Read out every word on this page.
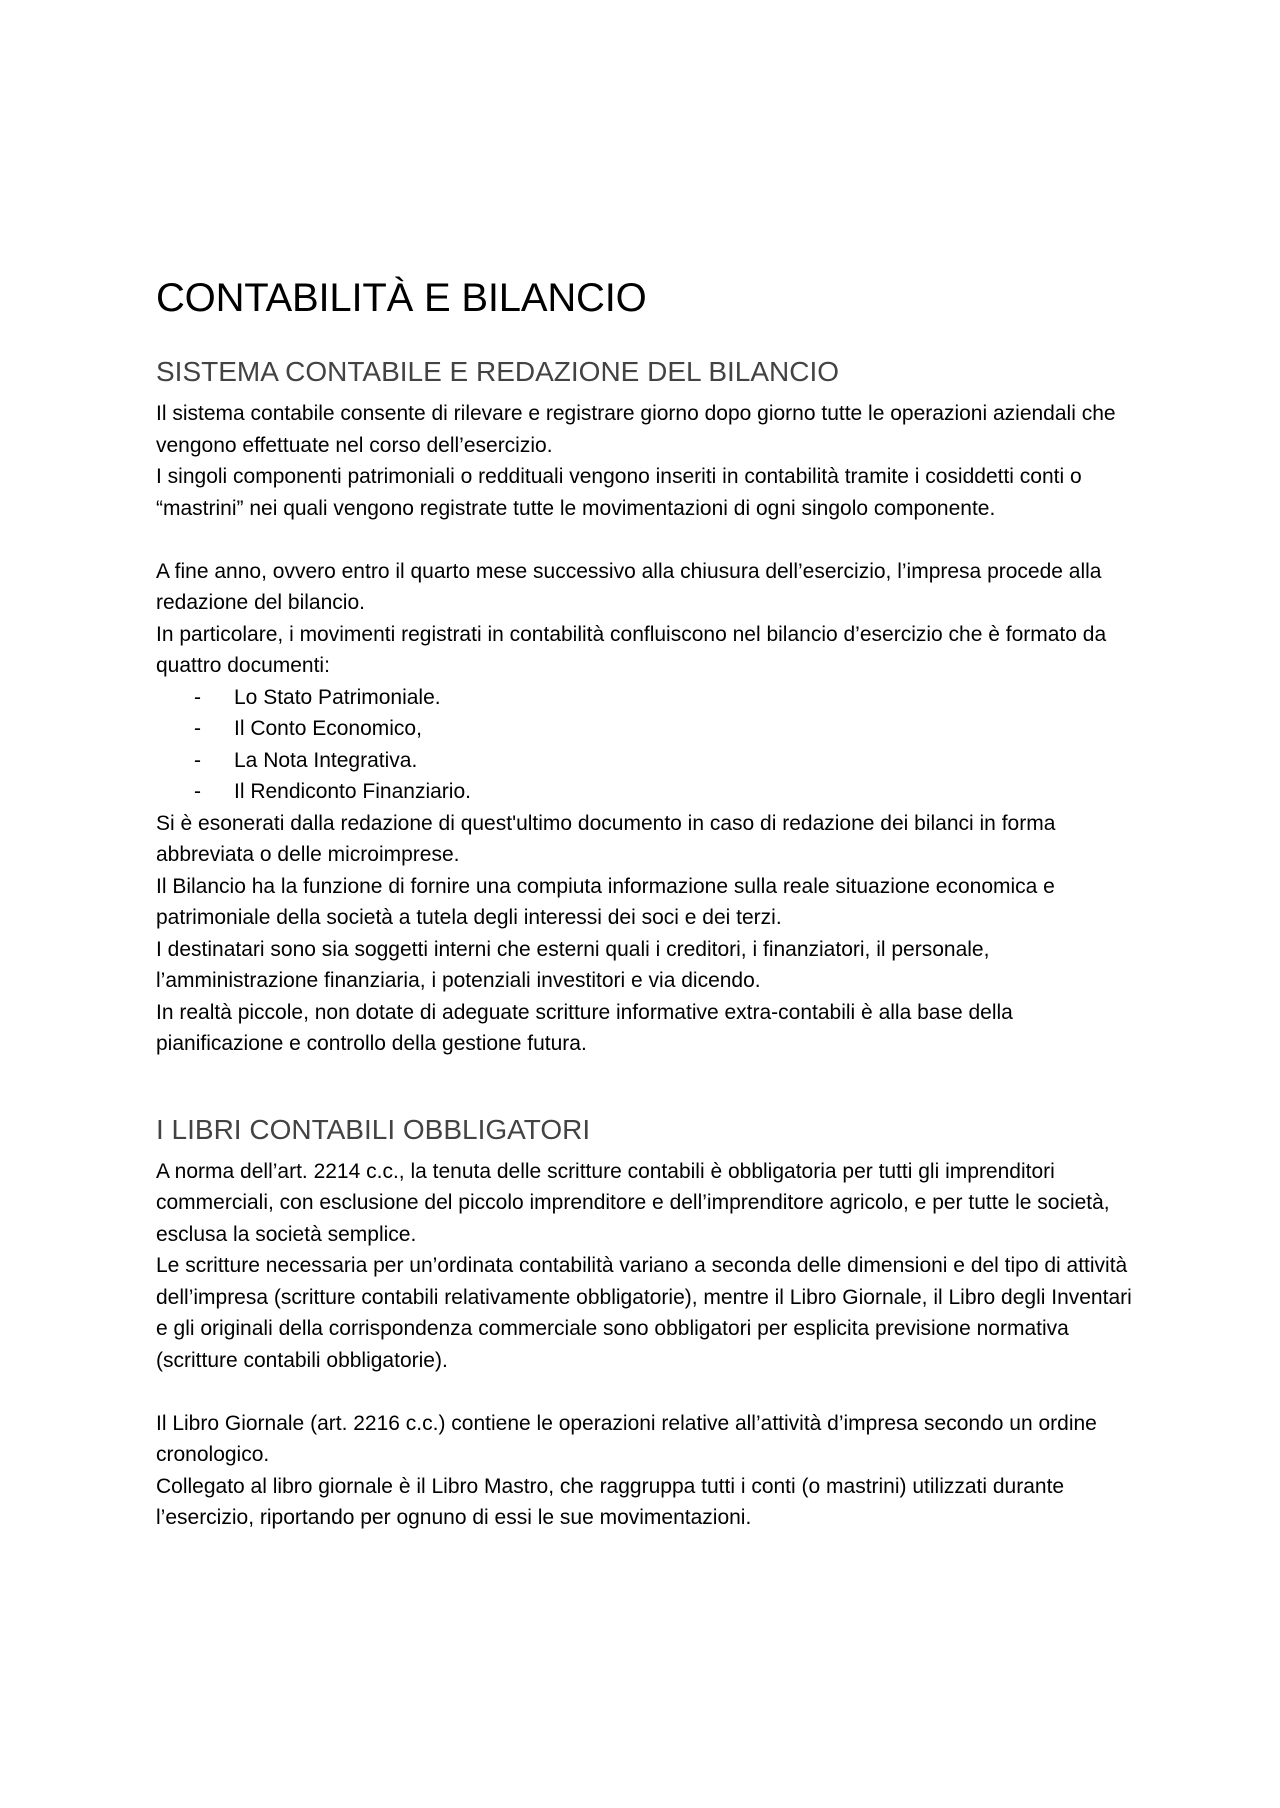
CONTABILITÀ E BILANCIO
SISTEMA CONTABILE E REDAZIONE DEL BILANCIO

Il sistema contabile consente di rilevare e registrare giorno dopo giorno tutte le operazioni aziendali che vengono effettuate nel corso dell’esercizio.

I singoli componenti patrimoniali o reddituali vengono inseriti in contabilità tramite i cosiddetti conti o “mastrini” nei quali vengono registrate tutte le movimentazioni di ogni singolo componente.

A fine anno, ovvero entro il quarto mese successivo alla chiusura dell’esercizio, l’impresa procede alla redazione del bilancio.

In particolare, i movimenti registrati in contabilità confluiscono nel bilancio d’esercizio che è formato da quattro documenti:

- Lo Stato Patrimoniale.
- Il Conto Economico,
- La Nota Integrativa.
- Il Rendiconto Finanziario.

Si è esonerati dalla redazione di quest'ultimo documento in caso di redazione dei bilanci in forma abbreviata o delle microimprese.

Il Bilancio ha la funzione di fornire una compiuta informazione sulla reale situazione economica e patrimoniale della società a tutela degli interessi dei soci e dei terzi.

I destinatari sono sia soggetti interni che esterni quali i creditori, i finanziatori, il personale, l’amministrazione finanziaria, i potenziali investitori e via dicendo.

In realtà piccole, non dotate di adeguate scritture informative extra-contabili è alla base della pianificazione e controllo della gestione futura.

I LIBRI CONTABILI OBBLIGATORI

A norma dell’art. 2214 c.c., la tenuta delle scritture contabili è obbligatoria per tutti gli imprenditori commerciali, con esclusione del piccolo imprenditore e dell’imprenditore agricolo, e per tutte le società, esclusa la società semplice.

Le scritture necessaria per un’ordinata contabilità variano a seconda delle dimensioni e del tipo di attività dell’impresa (scritture contabili relativamente obbligatorie), mentre il Libro Giornale, il Libro degli Inventari e gli originali della corrispondenza commerciale sono obbligatori per esplicita previsione normativa (scritture contabili obbligatorie).

Il Libro Giornale (art. 2216 c.c.) contiene le operazioni relative all’attività d’impresa secondo un ordine cronologico.

Collegato al libro giornale è il Libro Mastro, che raggruppa tutti i conti (o mastrini) utilizzati durante l’esercizio, riportando per ognuno di essi le sue movimentazioni.
